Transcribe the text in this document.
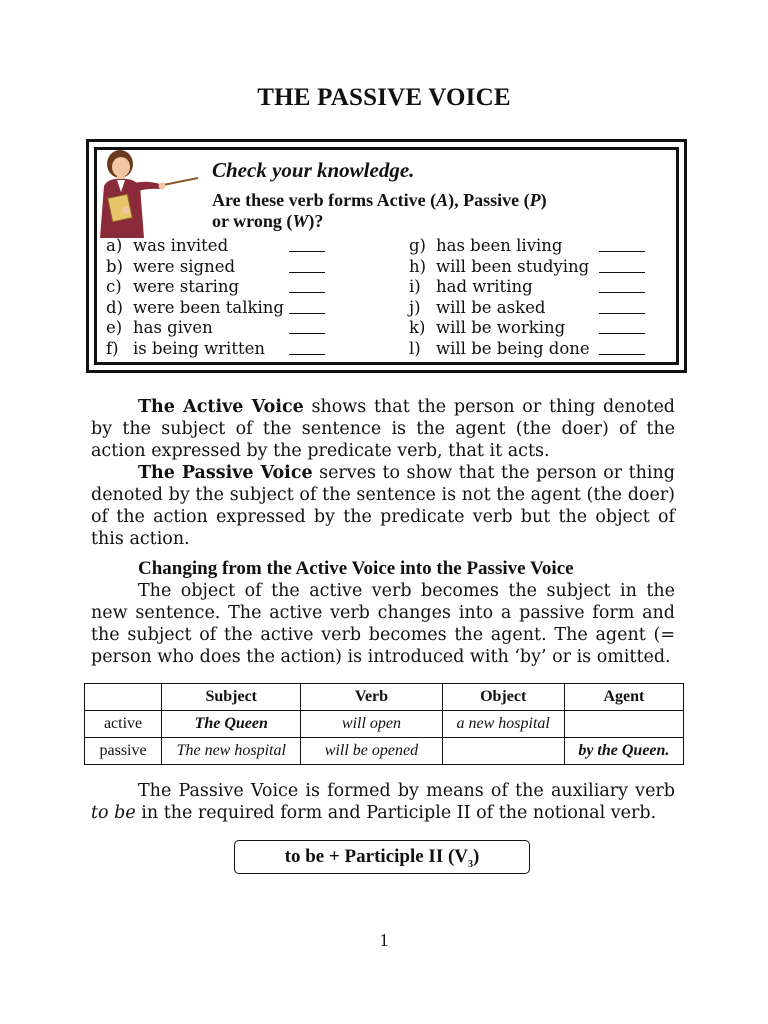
THE PASSIVE VOICE
Check your knowledge.
Are these verb forms Active (A), Passive (P)
or wrong (W)?
a) was invited
b) were signed
c) were staring
d) were been talking
e) has given
f) is being written
g) has been living
h) will been studying
i) had writing
j) will be asked
k) will be working
l) will be being done
The Active Voice shows that the person or thing denoted by the subject of the sentence is the agent (the doer) of the action expressed by the predicate verb, that it acts.
The Passive Voice serves to show that the person or thing denoted by the subject of the sentence is not the agent (the doer) of the action expressed by the predicate verb but the object of this action.
Changing from the Active Voice into the Passive Voice
The object of the active verb becomes the subject in the new sentence. The active verb changes into a passive form and the subject of the active verb becomes the agent. The agent (= person who does the action) is introduced with ‘by’ or is omitted.
	Subject	Verb	Object	Agent
active	The Queen	will open	a new hospital	
passive	The new hospital	will be opened		by the Queen.
The Passive Voice is formed by means of the auxiliary verb to be in the required form and Participle II of the notional verb.
to be + Participle II $(V_3)$
1
